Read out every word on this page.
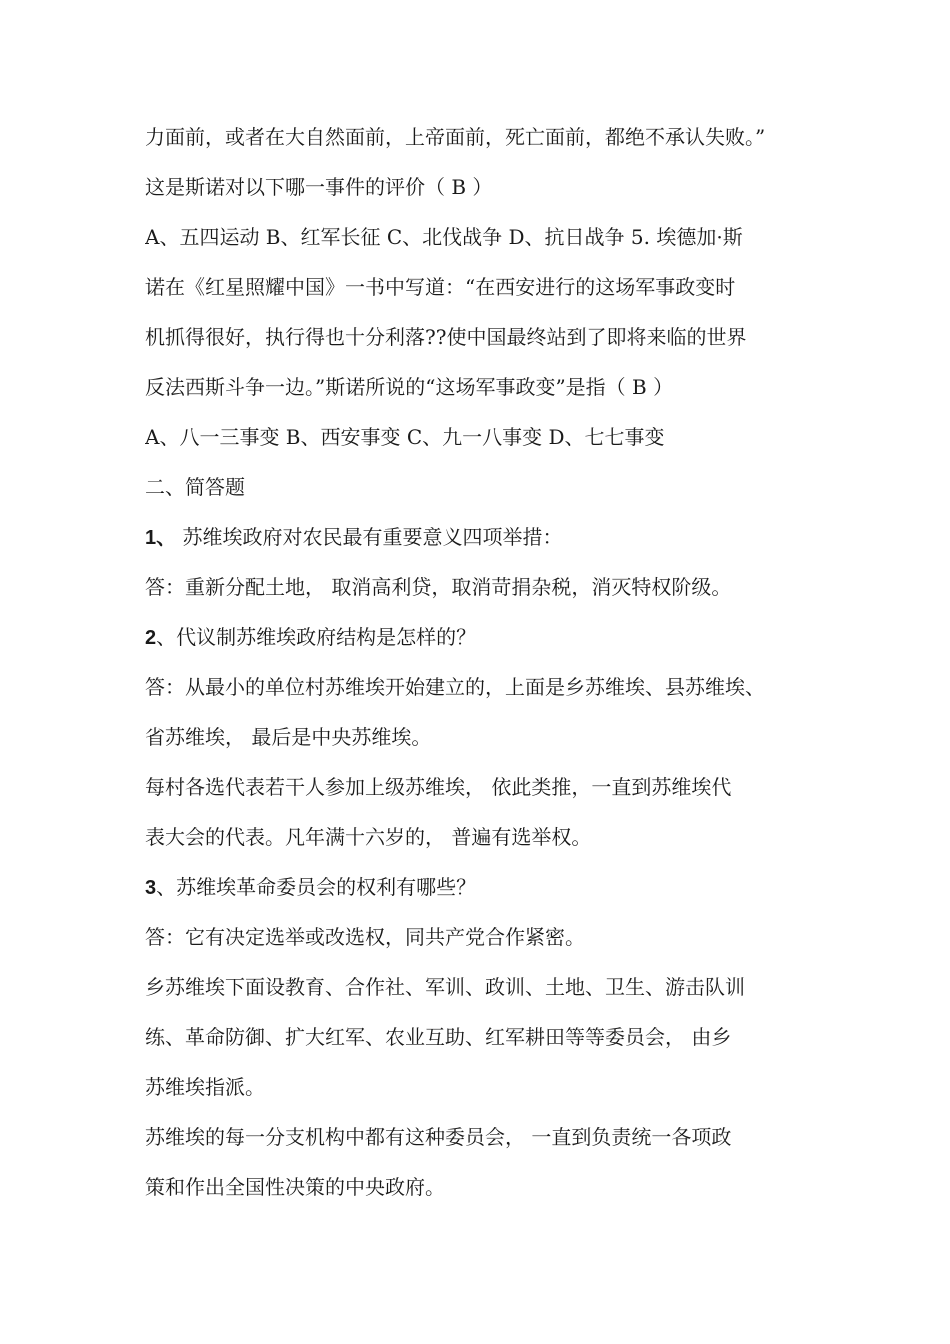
力面前，或者在大自然面前，上帝面前，死亡面前，都绝不承认失败。”
这是斯诺对以下哪一事件的评价（ B ）
A、五四运动 B、红军长征 C、北伐战争 D、抗日战争 5. 埃德加·斯
诺在《红星照耀中国》一书中写道：“在西安进行的这场军事政变时
机抓得很好，执行得也十分利落??使中国最终站到了即将来临的世界
反法西斯斗争一边。”斯诺所说的“这场军事政变”是指（ B ）
A、八一三事变 B、西安事变 C、九一八事变 D、七七事变
二、简答题
1、 苏维埃政府对农民最有重要意义四项举措：
答：重新分配土地， 取消高利贷，取消苛捐杂税，消灭特权阶级。
2、代议制苏维埃政府结构是怎样的？
答：从最小的单位村苏维埃开始建立的，上面是乡苏维埃、县苏维埃、
省苏维埃， 最后是中央苏维埃。
每村各选代表若干人参加上级苏维埃， 依此类推，一直到苏维埃代
表大会的代表。凡年满十六岁的， 普遍有选举权。
3、苏维埃革命委员会的权利有哪些？
答：它有决定选举或改选权，同共产党合作紧密。
乡苏维埃下面设教育、合作社、军训、政训、土地、卫生、游击队训
练、革命防御、扩大红军、农业互助、红军耕田等等委员会， 由乡
苏维埃指派。
苏维埃的每一分支机构中都有这种委员会， 一直到负责统一各项政
策和作出全国性决策的中央政府。
